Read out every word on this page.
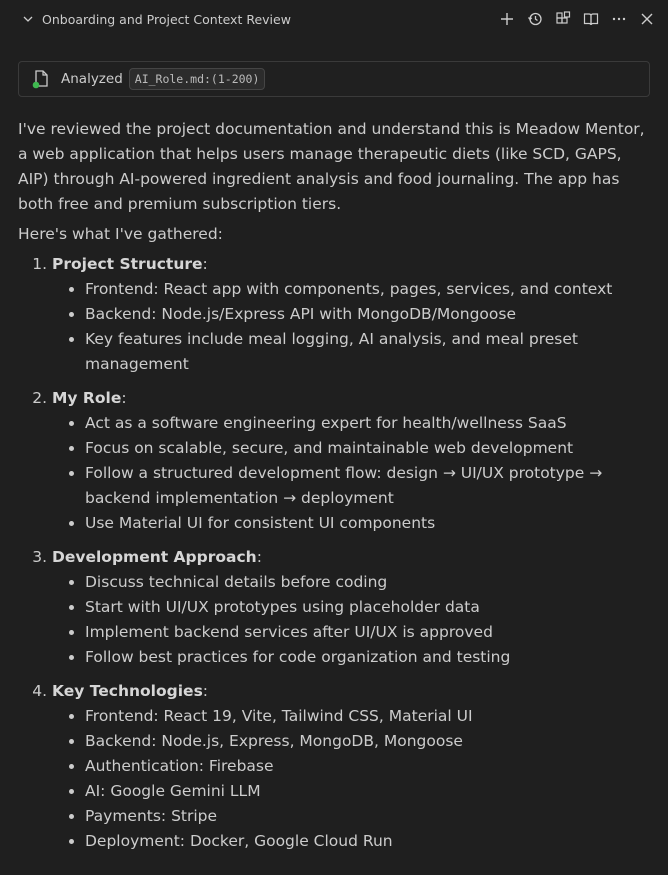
Onboarding and Project Context Review
Analyzed	AI_Role.md:(1-200)

I've reviewed the project documentation and understand this is Meadow Mentor, a web application that helps users manage therapeutic diets (like SCD, GAPS, AIP) through AI-powered ingredient analysis and food journaling. The app has both free and premium subscription tiers.

Here's what I've gathered:

1. Project Structure:
• Frontend: React app with components, pages, services, and context
• Backend: Node.js/Express API with MongoDB/Mongoose
• Key features include meal logging, AI analysis, and meal preset management
2. My Role:
• Act as a software engineering expert for health/wellness SaaS
• Focus on scalable, secure, and maintainable web development
• Follow a structured development flow: design → UI/UX prototype → backend implementation → deployment
• Use Material UI for consistent UI components
3. Development Approach:
• Discuss technical details before coding
• Start with UI/UX prototypes using placeholder data
• Implement backend services after UI/UX is approved
• Follow best practices for code organization and testing
4. Key Technologies:
• Frontend: React 19, Vite, Tailwind CSS, Material UI
• Backend: Node.js, Express, MongoDB, Mongoose
• Authentication: Firebase
• AI: Google Gemini LLM
• Payments: Stripe
• Deployment: Docker, Google Cloud Run
